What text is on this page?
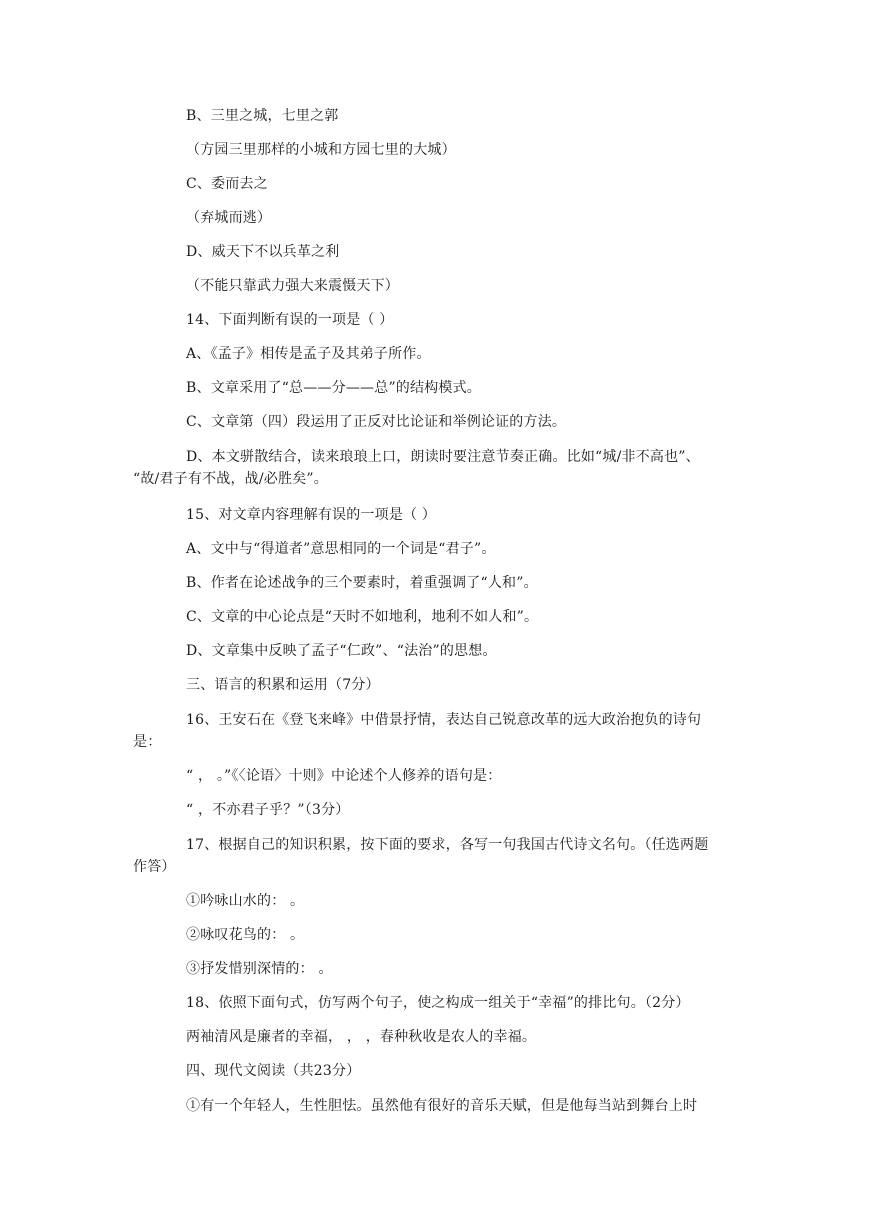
B、三里之城，七里之郭
（方园三里那样的小城和方园七里的大城）
C、委而去之
（弃城而逃）
D、威天下不以兵革之利
（不能只靠武力强大来震慑天下）
14、下面判断有误的一项是（ ）
A、《孟子》相传是孟子及其弟子所作。
B、文章采用了“总——分——总”的结构模式。
C、文章第（四）段运用了正反对比论证和举例论证的方法。
D、本文骈散结合，读来琅琅上口，朗读时要注意节奏正确。比如“城/非不高也”、
“故/君子有不战，战/必胜矣”。
15、对文章内容理解有误的一项是（ ）
A、文中与“得道者”意思相同的一个词是“君子”。
B、作者在论述战争的三个要素时，着重强调了“人和”。
C、文章的中心论点是“天时不如地利，地利不如人和”。
D、文章集中反映了孟子“仁政”、“法治”的思想。
三、语言的积累和运用（7分）
16、王安石在《登飞来峰》中借景抒情，表达自己锐意改革的远大政治抱负的诗句
是：
“ ， 。”《〈论语〉十则》中论述个人修养的语句是：
“ ，不亦君子乎？”（3分）
17、根据自己的知识积累，按下面的要求，各写一句我国古代诗文名句。（任选两题
作答）
①吟咏山水的： 。
②咏叹花鸟的： 。
③抒发惜别深情的： 。
18、依照下面句式，仿写两个句子，使之构成一组关于“幸福”的排比句。（2分）
两袖清风是廉者的幸福， ， ，春种秋收是农人的幸福。
四、现代文阅读（共23分）
①有一个年轻人，生性胆怯。虽然他有很好的音乐天赋，但是他每当站到舞台上时
